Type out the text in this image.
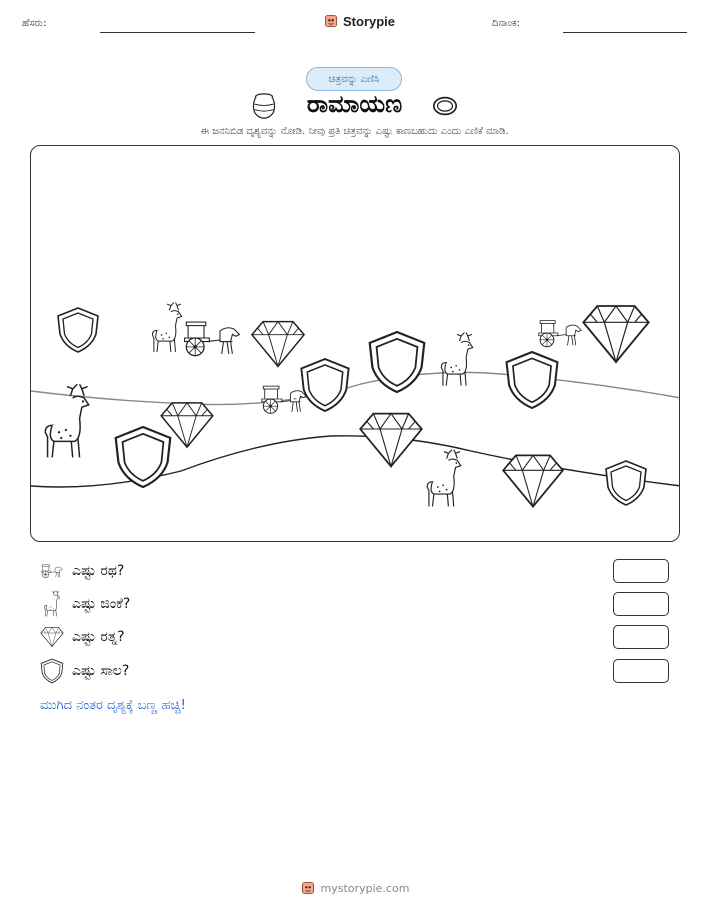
ಹೆಸರು:	Storypie	ದಿನಾಂಕ:
ಚಿತ್ರವನ್ನು ಎಣಿಸಿ
ರಾಮಾಯಣ
ಈ ಜನನಿಬಿಡ ದೃಶ್ಯವನ್ನು ನೋಡಿ. ನೀವು ಪ್ರತಿ ಚಿತ್ರವನ್ನು ಎಷ್ಟು ಕಾಣಬಹುದು ಎಂದು ಎಣಿಕೆ ಮಾಡಿ.
ಎಷ್ಟು ರಥ?
ಎಷ್ಟು ಜಿಂಕೆ?
ಎಷ್ಟು ರತ್ನ?
ಎಷ್ಟು ಸಾಲ?
ಮುಗಿದ ನಂತರ ದೃಶ್ಯಕ್ಕೆ ಬಣ್ಣ ಹಚ್ಚಿ!
mystorypie.com
